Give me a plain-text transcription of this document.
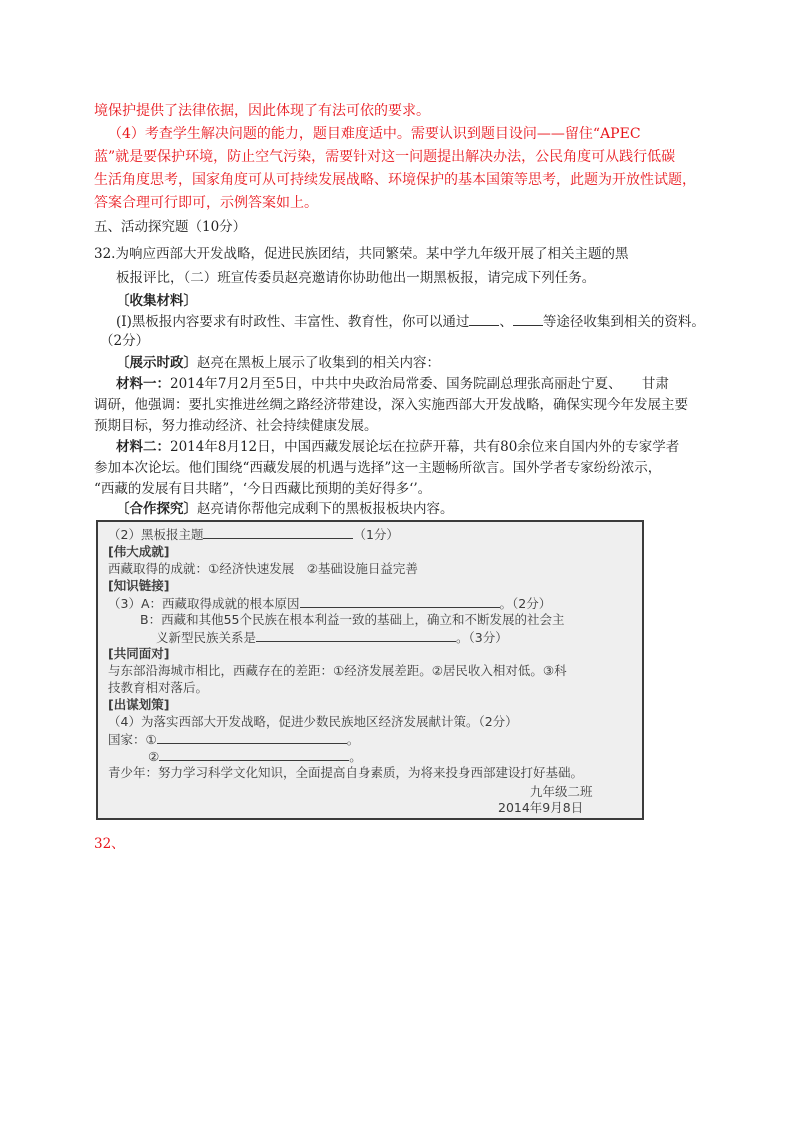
境保护提供了法律依据，因此体现了有法可依的要求。
（4）考查学生解决问题的能力，题目难度适中。需要认识到题目设问——留住“APEC
蓝”就是要保护环境，防止空气污染，需要针对这一问题提出解决办法，公民角度可从践行低碳
生活角度思考，国家角度可从可持续发展战略、环境保护的基本国策等思考，此题为开放性试题，
答案合理可行即可，示例答案如上。
五、活动探究题（10分）
32.为响应西部大开发战略，促进民族团结，共同繁荣。某中学九年级开展了相关主题的黑
板报评比，（二）班宣传委员赵亮邀请你协助他出一期黑板报，请完成下列任务。
〔收集材料〕
(I)黑板报内容要求有时政性、丰富性、教育性，你可以通过 、 等途径收集到相关的资料。
（2分）
〔展示时政〕赵亮在黑板上展示了收集到的相关内容：
材料一：2014年7月2月至5日，中共中央政治局常委、国务院副总理张高丽赴宁夏、　　甘肃
调研，他强调：要扎实推进丝绸之路经济带建设，深入实施西部大开发战略，确保实现今年发展主要
预期目标，努力推动经济、社会持续健康发展。
材料二：2014年8月12日，中国西藏发展论坛在拉萨开幕，共有80余位来自国内外的专家学者
参加本次论坛。他们围绕“西藏发展的机遇与选择”这一主题畅所欲言。国外学者专家纷纷浓示，
“西藏的发展有目共睹”，‘今日西藏比预期的美好得多‘’。
〔合作探究〕赵亮请你帮他完成剩下的黑板报板块内容。
（2）黑板报主题	（1分）
[伟大成就]
西藏取得的成就：①经济快速发展　②基础设施日益完善
[知识链接]
（3）A：西藏取得成就的根本原因	。（2分）
B：西藏和其他55个民族在根本利益一致的基础上，确立和不断发展的社会主
义新型民族关系是	。（3分）
[共同面对]
与东部沿海城市相比，西藏存在的差距：①经济发展差距。②居民收入相对低。③科
技教育相对落后。
[出谋划策]
（4）为落实西部大开发战略，促进少数民族地区经济发展献计策。（2分）
国家：①	。
②	。
青少年：努力学习科学文化知识，全面提高自身素质，为将来投身西部建设打好基础。
九年级二班
2014年9月8日
32、
